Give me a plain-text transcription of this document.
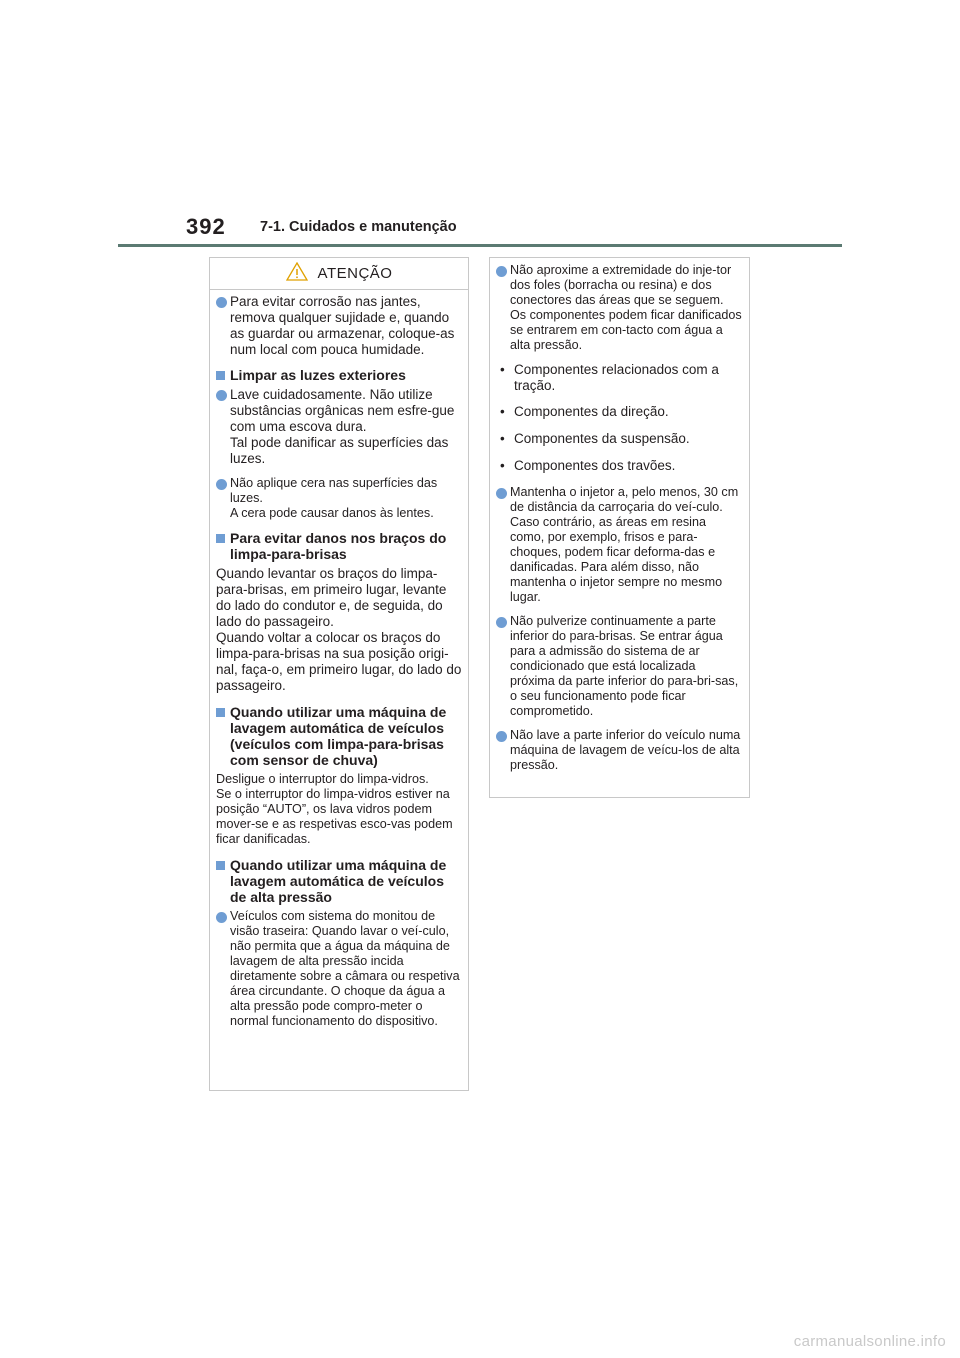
392 7-1. Cuidados e manutenção
ATENÇÃO
Para evitar corrosão nas jantes, remova qualquer sujidade e, quando as guardar ou armazenar, coloque-as num local com pouca humidade.
Limpar as luzes exteriores
Lave cuidadosamente. Não utilize substâncias orgânicas nem esfre-gue com uma escova dura.
Tal pode danificar as superfícies das luzes.
Não aplique cera nas superfícies das luzes.
A cera pode causar danos às lentes.
Para evitar danos nos braços do limpa-para-brisas
Quando levantar os braços do limpa-para-brisas, em primeiro lugar, levante do lado do condutor e, de seguida, do lado do passageiro.
Quando voltar a colocar os braços do limpa-para-brisas na sua posição origi-nal, faça-o, em primeiro lugar, do lado do passageiro.
Quando utilizar uma máquina de lavagem automática de veículos (veículos com limpa-para-brisas com sensor de chuva)
Desligue o interruptor do limpa-vidros.
Se o interruptor do limpa-vidros estiver na posição “AUTO”, os lava vidros podem mover-se e as respetivas esco-vas podem ficar danificadas.
Quando utilizar uma máquina de lavagem automática de veículos de alta pressão
Veículos com sistema do monitou de visão traseira: Quando lavar o veí-culo, não permita que a água da máquina de lavagem de alta pressão incida diretamente sobre a câmara ou respetiva área circundante. O choque da água a alta pressão pode compro-meter o normal funcionamento do dispositivo.
Não aproxime a extremidade do inje-tor dos foles (borracha ou resina) e dos conectores das áreas que se seguem. Os componentes podem ficar danificados se entrarem em con-tacto com água a alta pressão.
• Componentes relacionados com a tração.
• Componentes da direção.
• Componentes da suspensão.
• Componentes dos travões.
Mantenha o injetor a, pelo menos, 30 cm de distância da carroçaria do veí-culo. Caso contrário, as áreas em resina como, por exemplo, frisos e para-choques, podem ficar deforma-das e danificadas. Para além disso, não mantenha o injetor sempre no mesmo lugar.
Não pulverize continuamente a parte inferior do para-brisas. Se entrar água para a admissão do sistema de ar condicionado que está localizada próxima da parte inferior do para-bri-sas, o seu funcionamento pode ficar comprometido.
Não lave a parte inferior do veículo numa máquina de lavagem de veícu-los de alta pressão.
carmanualsonline.info
